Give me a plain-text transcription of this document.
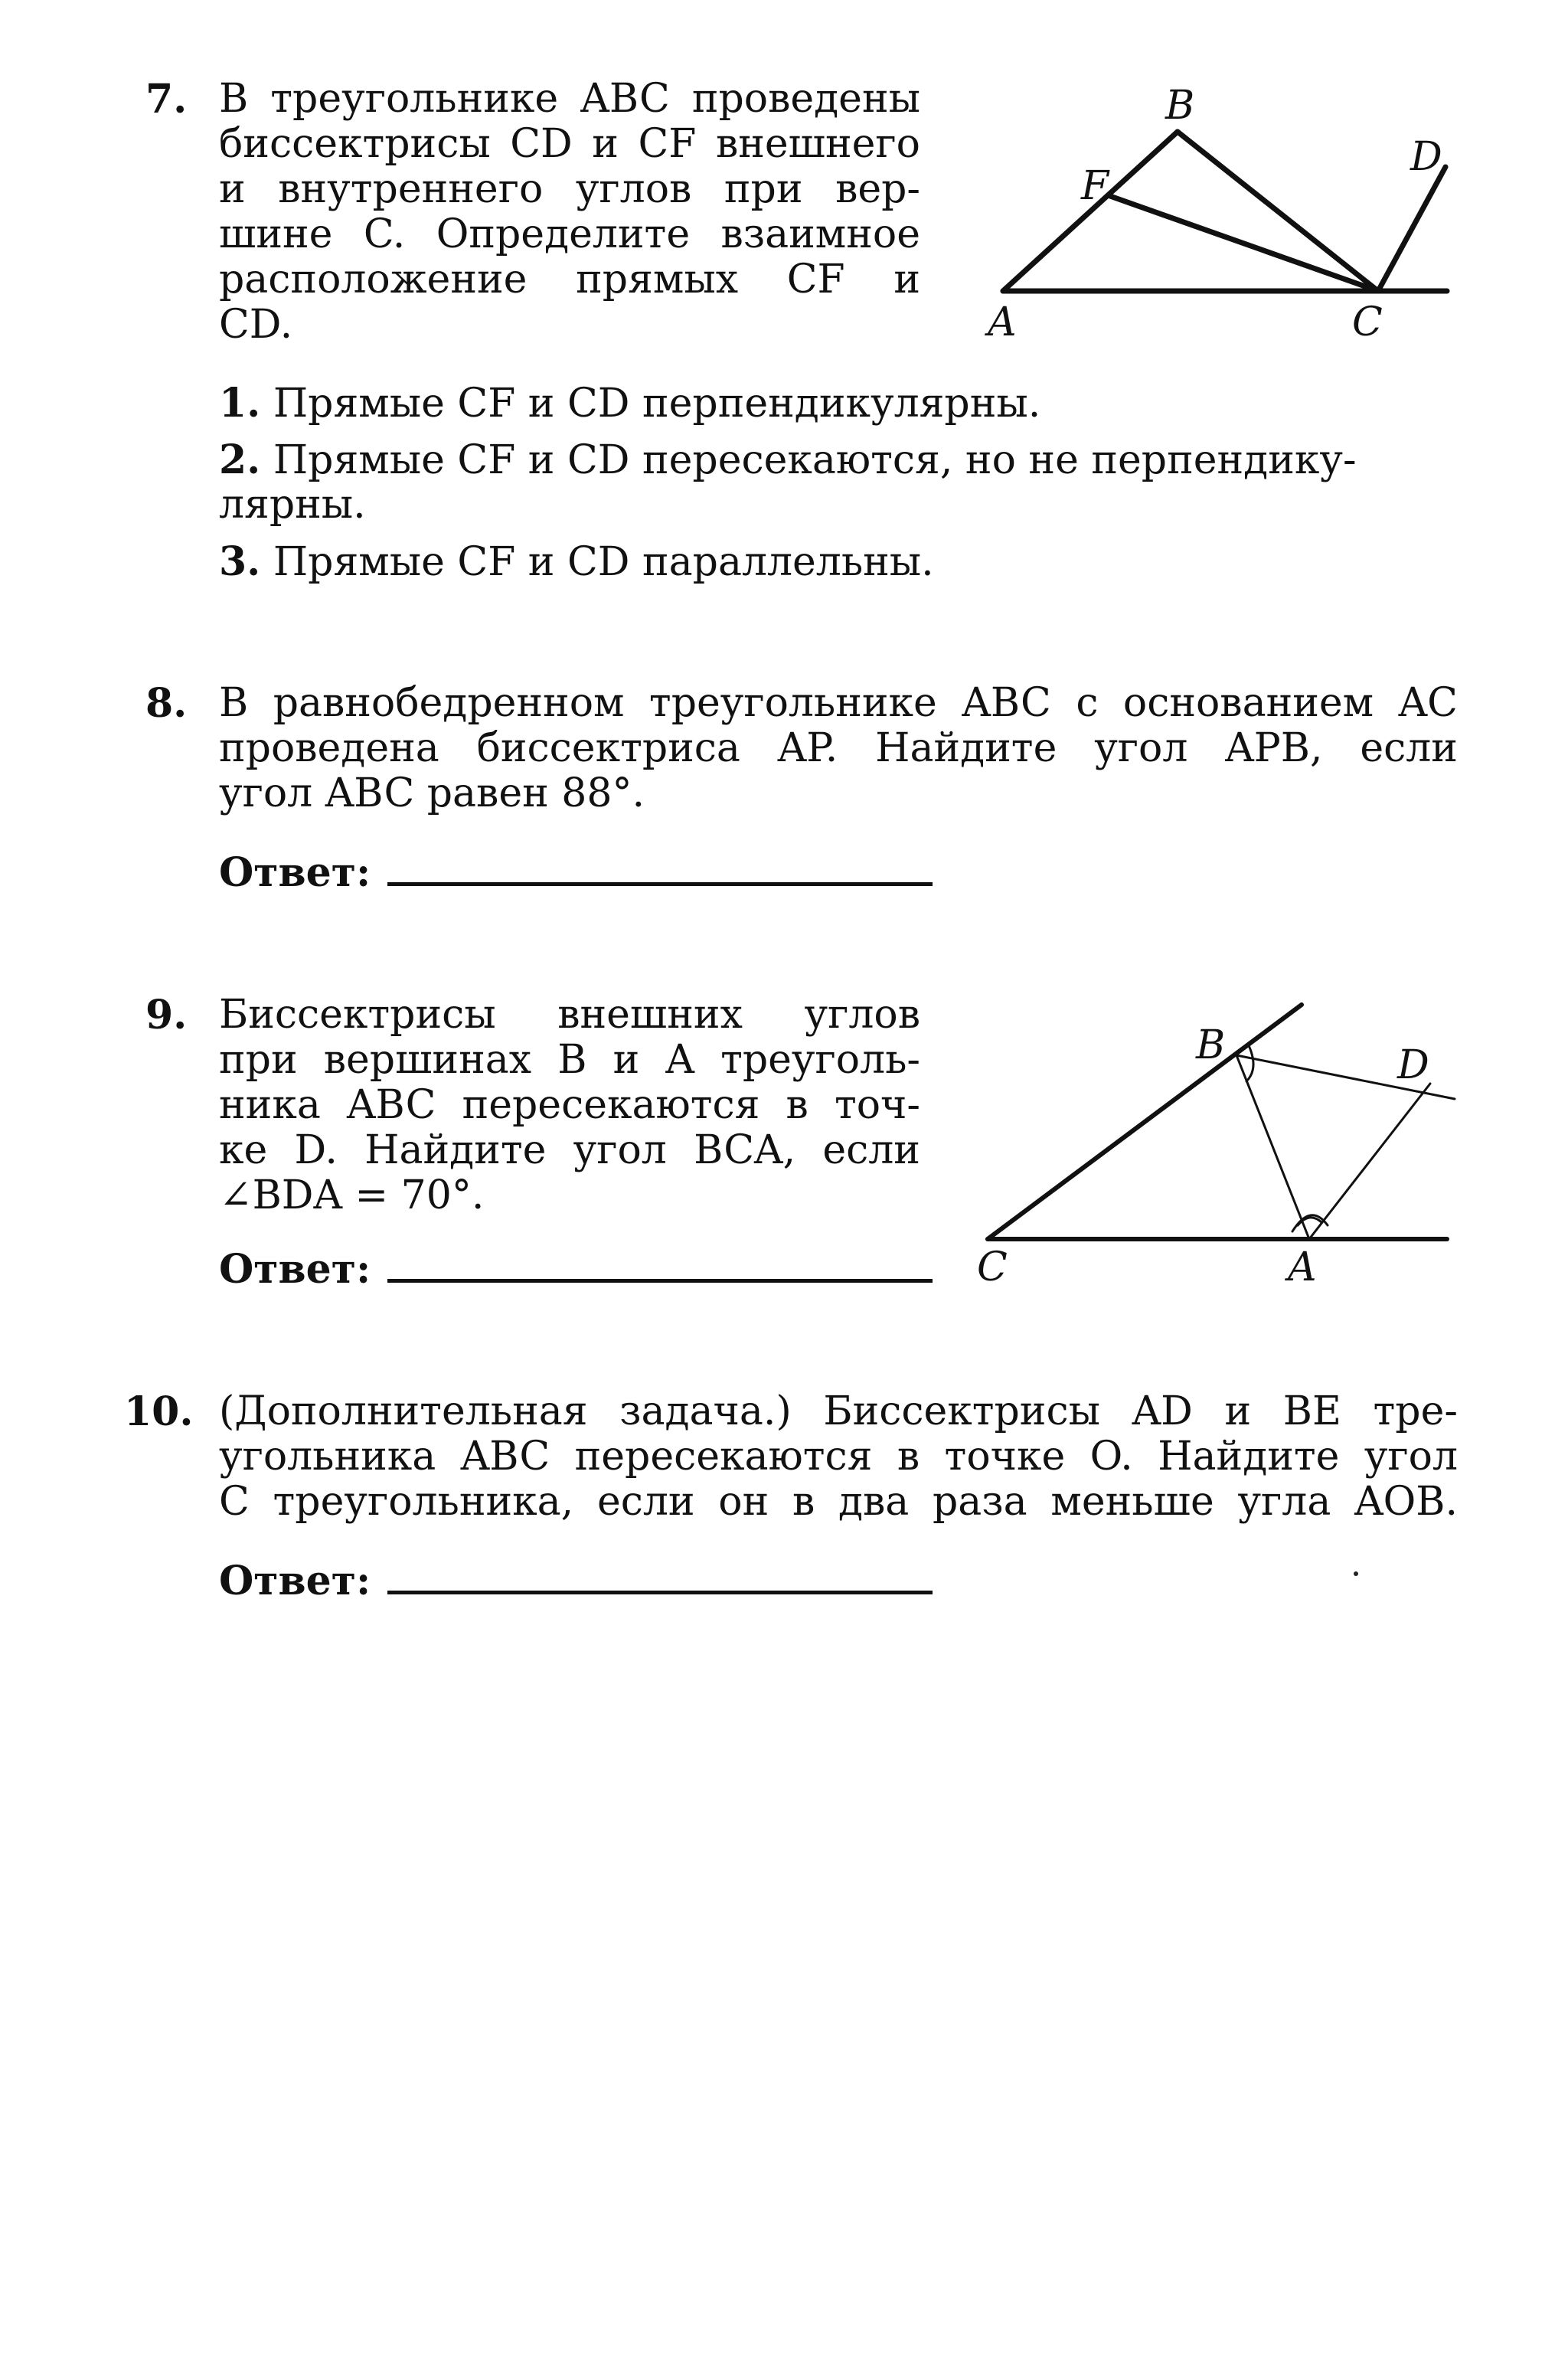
7. В треугольнике ABC проведены
биссектрисы CD и CF внешнего
и внутреннего углов при вер-
шине C. Определите взаимное
расположение прямых CF и
CD.
B
D
F
A	C
1. Прямые CF и CD перпендикулярны.
2. Прямые CF и CD пересекаются, но не перпендику-
лярны.
3. Прямые CF и CD параллельны.
8. В равнобедренном треугольнике ABC с основанием AC
проведена биссектриса AP. Найдите угол APB, если
угол ABC равен 88°.
Ответ:
9. Биссектрисы внешних углов
при вершинах B и A треуголь-
ника ABC пересекаются в точ-
ке D. Найдите угол BCA, если
∠BDA = 70°.
Ответ:
B	D
C	A
10. (Дополнительная задача.) Биссектрисы AD и BE тре-
угольника ABC пересекаются в точке O. Найдите угол
C треугольника, если он в два раза меньше угла AOB.
Ответ:
